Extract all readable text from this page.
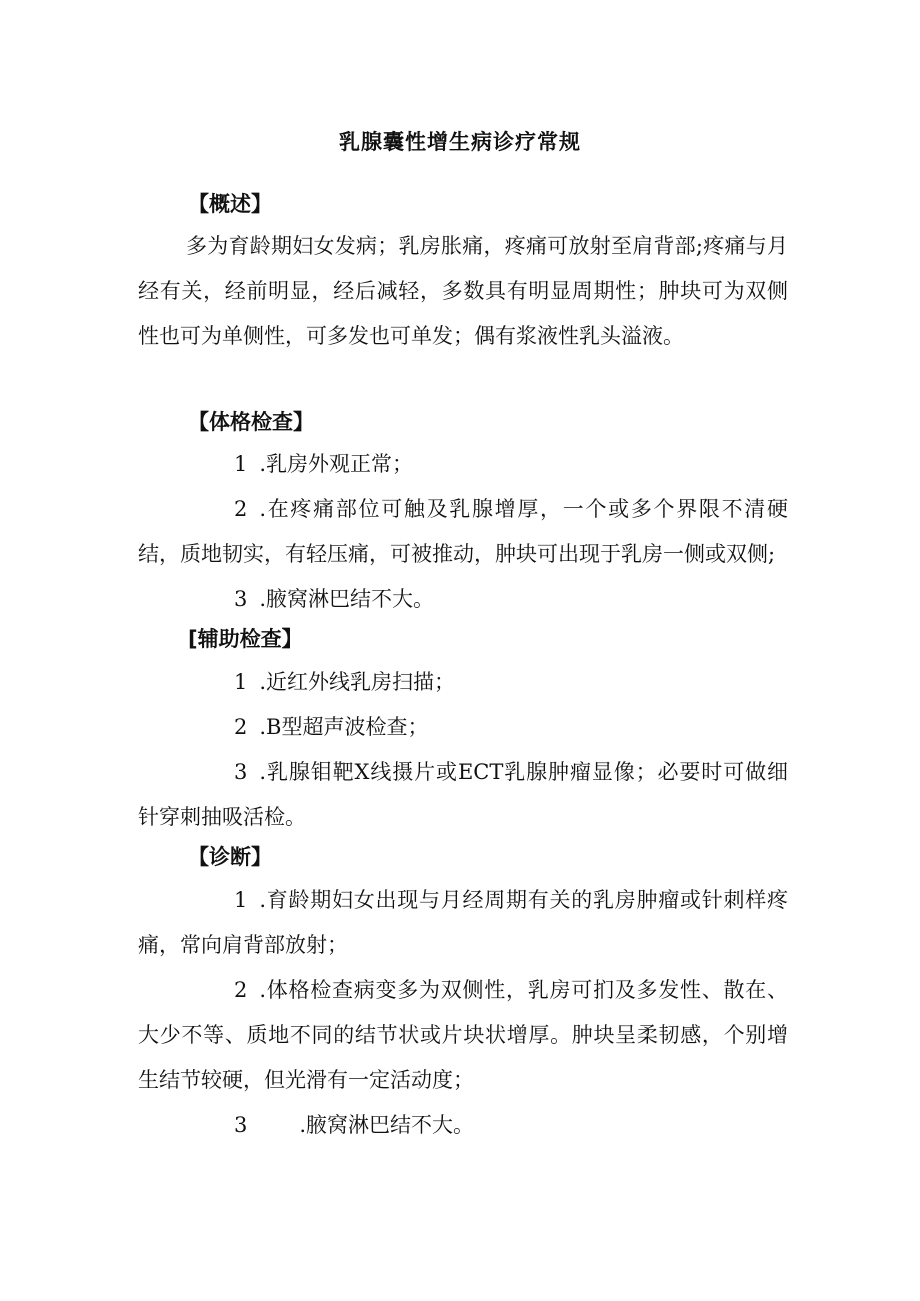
乳腺囊性增生病诊疗常规
【概述】
多为育龄期妇女发病；乳房胀痛，疼痛可放射至肩背部;疼痛与月经有关，经前明显，经后减轻，多数具有明显周期性；肿块可为双侧性也可为单侧性，可多发也可单发；偶有浆液性乳头溢液。
【体格检查】
1 .乳房外观正常；
2 .在疼痛部位可触及乳腺增厚，一个或多个界限不清硬结，质地韧实，有轻压痛，可被推动，肿块可出现于乳房一侧或双侧;
3 .腋窝淋巴结不大。
[辅助检查】
1 .近红外线乳房扫描；
2 .B型超声波检查；
3 .乳腺钼靶X线摄片或ECT乳腺肿瘤显像；必要时可做细针穿刺抽吸活检。
【诊断】
1 .育龄期妇女出现与月经周期有关的乳房肿瘤或针刺样疼痛，常向肩背部放射；
2 .体格检查病变多为双侧性，乳房可扪及多发性、散在、大少不等、质地不同的结节状或片块状增厚。肿块呈柔韧感，个别增生结节较硬，但光滑有一定活动度；
3 .腋窝淋巴结不大。
